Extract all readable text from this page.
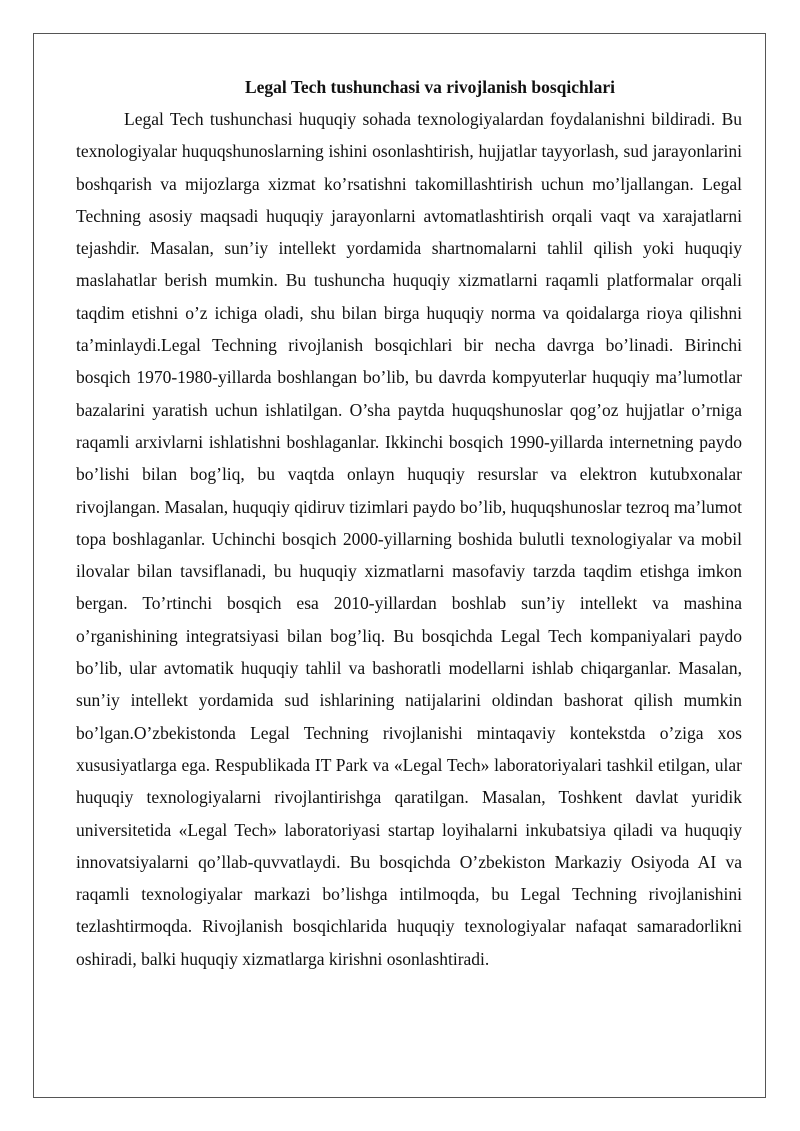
Legal Tech tushunchasi va rivojlanish bosqichlari

Legal Tech tushunchasi huquqiy sohada texnologiyalardan foydalanishni bildiradi. Bu texnologiyalar huquqshunoslarning ishini osonlashtirish, hujjatlar tayyorlash, sud jarayonlarini boshqarish va mijozlarga xizmat ko’rsatishni takomillashtirish uchun mo’ljallangan. Legal Techning asosiy maqsadi huquqiy jarayonlarni avtomatlashtirish orqali vaqt va xarajatlarni tejashdir. Masalan, sun’iy intellekt yordamida shartnomalarni tahlil qilish yoki huquqiy maslahatlar berish mumkin. Bu tushuncha huquqiy xizmatlarni raqamli platformalar orqali taqdim etishni o’z ichiga oladi, shu bilan birga huquqiy norma va qoidalarga rioya qilishni ta’minlaydi.Legal Techning rivojlanish bosqichlari bir necha davrga bo’linadi. Birinchi bosqich 1970-1980-yillarda boshlangan bo’lib, bu davrda kompyuterlar huquqiy ma’lumotlar bazalarini yaratish uchun ishlatilgan. O’sha paytda huquqshunoslar qog’oz hujjatlar o’rniga raqamli arxivlarni ishlatishni boshlaganlar. Ikkinchi bosqich 1990-yillarda internetning paydo bo’lishi bilan bog’liq, bu vaqtda onlayn huquqiy resurslar va elektron kutubxonalar rivojlangan. Masalan, huquqiy qidiruv tizimlari paydo bo’lib, huquqshunoslar tezroq ma’lumot topa boshlaganlar. Uchinchi bosqich 2000-yillarning boshida bulutli texnologiyalar va mobil ilovalar bilan tavsiflanadi, bu huquqiy xizmatlarni masofaviy tarzda taqdim etishga imkon bergan. To’rtinchi bosqich esa 2010-yillardan boshlab sun’iy intellekt va mashina o’rganishining integratsiyasi bilan bog’liq. Bu bosqichda Legal Tech kompaniyalari paydo bo’lib, ular avtomatik huquqiy tahlil va bashoratli modellarni ishlab chiqarganlar. Masalan, sun’iy intellekt yordamida sud ishlarining natijalarini oldindan bashorat qilish mumkin bo’lgan.O’zbekistonda Legal Techning rivojlanishi mintaqaviy kontekstda o’ziga xos xususiyatlarga ega. Respublikada IT Park va «Legal Tech» laboratoriyalari tashkil etilgan, ular huquqiy texnologiyalarni rivojlantirishga qaratilgan. Masalan, Toshkent davlat yuridik universitetida «Legal Tech» laboratoriyasi startap loyihalarni inkubatsiya qiladi va huquqiy innovatsiyalarni qo’llab-quvvatlaydi. Bu bosqichda O’zbekiston Markaziy Osiyoda AI va raqamli texnologiyalar markazi bo’lishga intilmoqda, bu Legal Techning rivojlanishini tezlashtirmoqda. Rivojlanish bosqichlarida huquqiy texnologiyalar nafaqat samaradorlikni oshiradi, balki huquqiy xizmatlarga kirishni osonlashtiradi.
